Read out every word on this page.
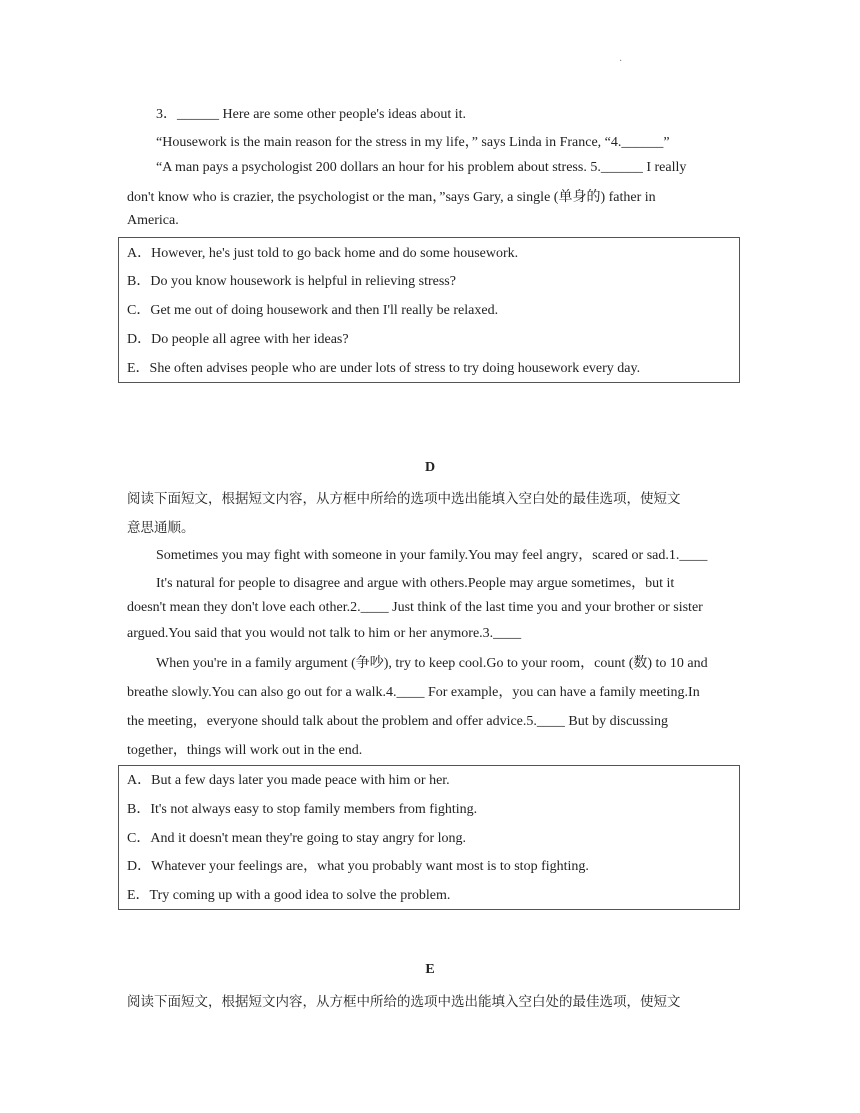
·
3．______ Here are some other people's ideas about it.
“Housework is the main reason for the stress in my life，” says Linda in France, “4.______”
“A man pays a psychologist 200 dollars an hour for his problem about stress. 5.______ I really
don't know who is crazier, the psychologist or the man，”says Gary, a single (单身的) father in
America.
A．However, he's just told to go back home and do some housework.
B．Do you know housework is helpful in relieving stress?
C．Get me out of doing housework and then I'll really be relaxed.
D．Do people all agree with her ideas?
E．She often advises people who are under lots of stress to try doing housework every day.
D
阅读下面短文，根据短文内容，从方框中所给的选项中选出能填入空白处的最佳选项，使短文
意思通顺。
Sometimes you may fight with someone in your family.You may feel angry，scared or sad.1.____
It's natural for people to disagree and argue with others.People may argue sometimes，but it
doesn't mean they don't love each other.2.____ Just think of the last time you and your brother or sister
argued.You said that you would not talk to him or her anymore.3.____
When you're in a family argument (争吵), try to keep cool.Go to your room，count (数) to 10 and
breathe slowly.You can also go out for a walk.4.____ For example，you can have a family meeting.In
the meeting，everyone should talk about the problem and offer advice.5.____ But by discussing
together，things will work out in the end.
A．But a few days later you made peace with him or her.
B．It's not always easy to stop family members from fighting.
C．And it doesn't mean they're going to stay angry for long.
D．Whatever your feelings are，what you probably want most is to stop fighting.
E．Try coming up with a good idea to solve the problem.
E
阅读下面短文，根据短文内容，从方框中所给的选项中选出能填入空白处的最佳选项，使短文
